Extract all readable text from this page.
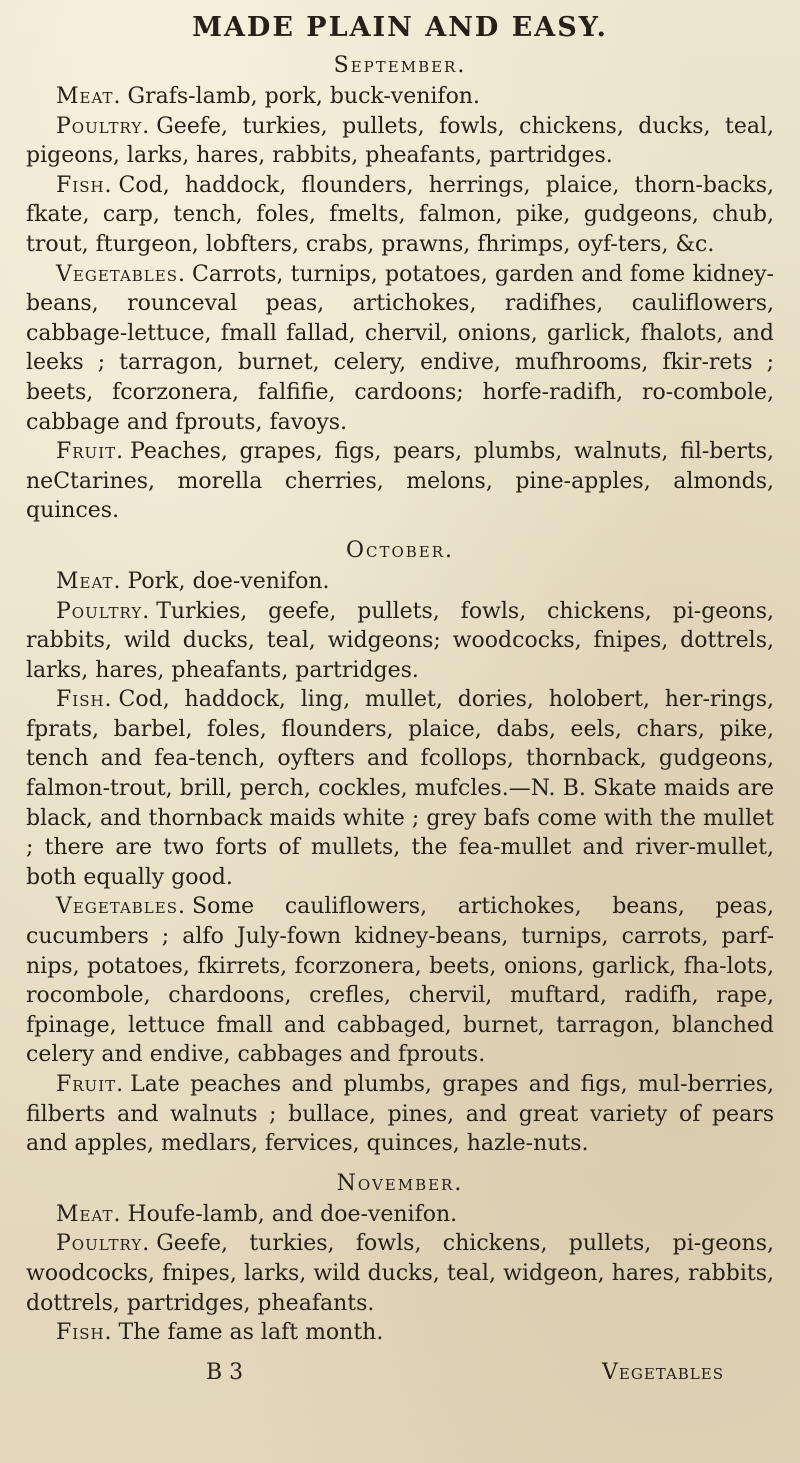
MADE PLAIN AND EASY.
September.

Meat. Grafs-lamb, pork, buck-venifon.

Poultry. Geefe, turkies, pullets, fowls, chickens, ducks, teal, pigeons, larks, hares, rabbits, pheafants, partridges.

Fish. Cod, haddock, flounders, herrings, plaice, thorn-backs, fkate, carp, tench, foles, fmelts, falmon, pike, gudgeons, chub, trout, fturgeon, lobfters, crabs, prawns, fhrimps, oyf-ters, &c.

Vegetables. Carrots, turnips, potatoes, garden and fome kidney-beans, rounceval peas, artichokes, radifhes, cauliflowers, cabbage-lettuce, fmall fallad, chervil, onions, garlick, fhalots, and leeks ; tarragon, burnet, celery, endive, mufhrooms, fkir-rets ; beets, fcorzonera, falfifie, cardoons; horfe-radifh, ro-combole, cabbage and fprouts, favoys.

Fruit. Peaches, grapes, figs, pears, plumbs, walnuts, fil-berts, neСtarines, morella cherries, melons, pine-apples, almonds, quinces.

October.

Meat. Pork, doe-venifon.

Poultry. Turkies, geefe, pullets, fowls, chickens, pi-geons, rabbits, wild ducks, teal, widgeons; woodcocks, fnipes, dottrels, larks, hares, pheafants, partridges.

Fish. Cod, haddock, ling, mullet, dories, holobert, her-rings, fprats, barbel, foles, flounders, plaice, dabs, eels, chars, pike, tench and fea-tench, oyfters and fcollops, thornback, gudgeons, falmon-trout, brill, perch, cockles, mufcles.—N. B. Skate maids are black, and thornback maids white ; grey bafs come with the mullet ; there are two forts of mullets, the fea-mullet and river-mullet, both equally good.

Vegetables. Some cauliflowers, artichokes, beans, peas, cucumbers ; alfo July-fown kidney-beans, turnips, carrots, parf-nips, potatoes, fkirrets, fcorzonera, beets, onions, garlick, fha-lots, rocombole, chardoons, crefles, chervil, muftard, radifh, rape, fpinage, lettuce fmall and cabbaged, burnet, tarragon, blanched celery and endive, cabbages and fprouts.

Fruit. Late peaches and plumbs, grapes and figs, mul-berries, filberts and walnuts ; bullace, pines, and great variety of pears and apples, medlars, fervices, quinces, hazle-nuts.

November.

Meat. Houfe-lamb, and doe-venifon.

Poultry. Geefe, turkies, fowls, chickens, pullets, pi-geons, woodcocks, fnipes, larks, wild ducks, teal, widgeon, hares, rabbits, dottrels, partridges, pheafants.

Fish. The fame as laft month.

B 3	Vegetables
